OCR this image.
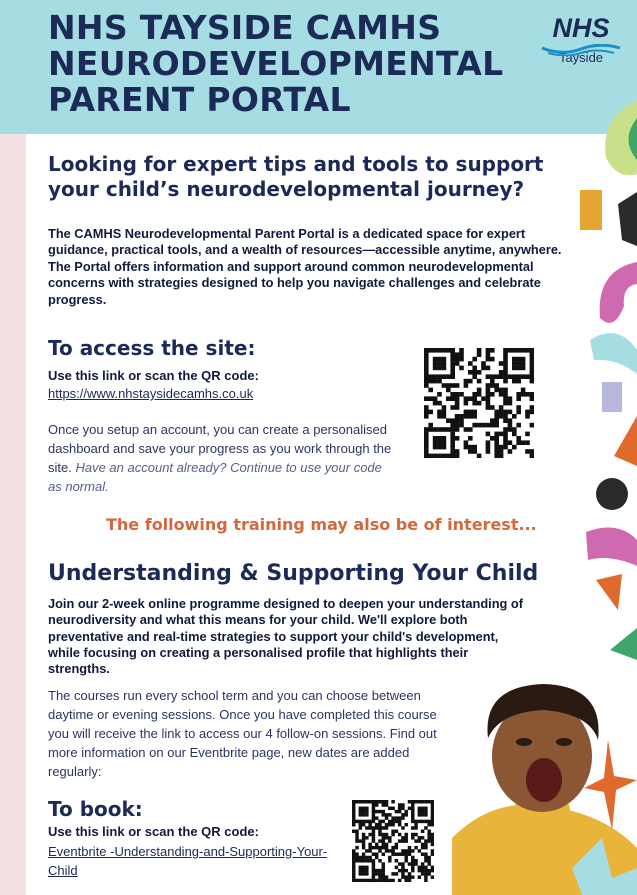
NHS TAYSIDE CAMHS NEURODEVELOPMENTAL PARENT PORTAL
NHS
Tayside
Looking for expert tips and tools to support your child’s neurodevelopmental journey?

The CAMHS Neurodevelopmental Parent Portal is a dedicated space for expert guidance, practical tools, and a wealth of resources—accessible anytime, anywhere. The Portal offers information and support around common neurodevelopmental concerns with strategies designed to help you navigate challenges and celebrate progress.

To access the site:

Use this link or scan the QR code:

https://www.nhstaysidecamhs.co.uk

Once you setup an account, you can create a personalised dashboard and save your progress as you work through the site. Have an account already? Continue to use your code as normal.

The following training may also be of interest...

Understanding & Supporting Your Child

Join our 2-week online programme designed to deepen your understanding of neurodiversity and what this means for your child. We'll explore both preventative and real-time strategies to support your child's development, while focusing on creating a personalised profile that highlights their strengths.

The courses run every school term and you can choose between daytime or evening sessions. Once you have completed this course you will receive the link to access our 4 follow-on sessions. Find out more information on our Eventbrite page, new dates are added regularly:

To book:

Use this link or scan the QR code:

Eventbrite -Understanding-and-Supporting-Your-Child
